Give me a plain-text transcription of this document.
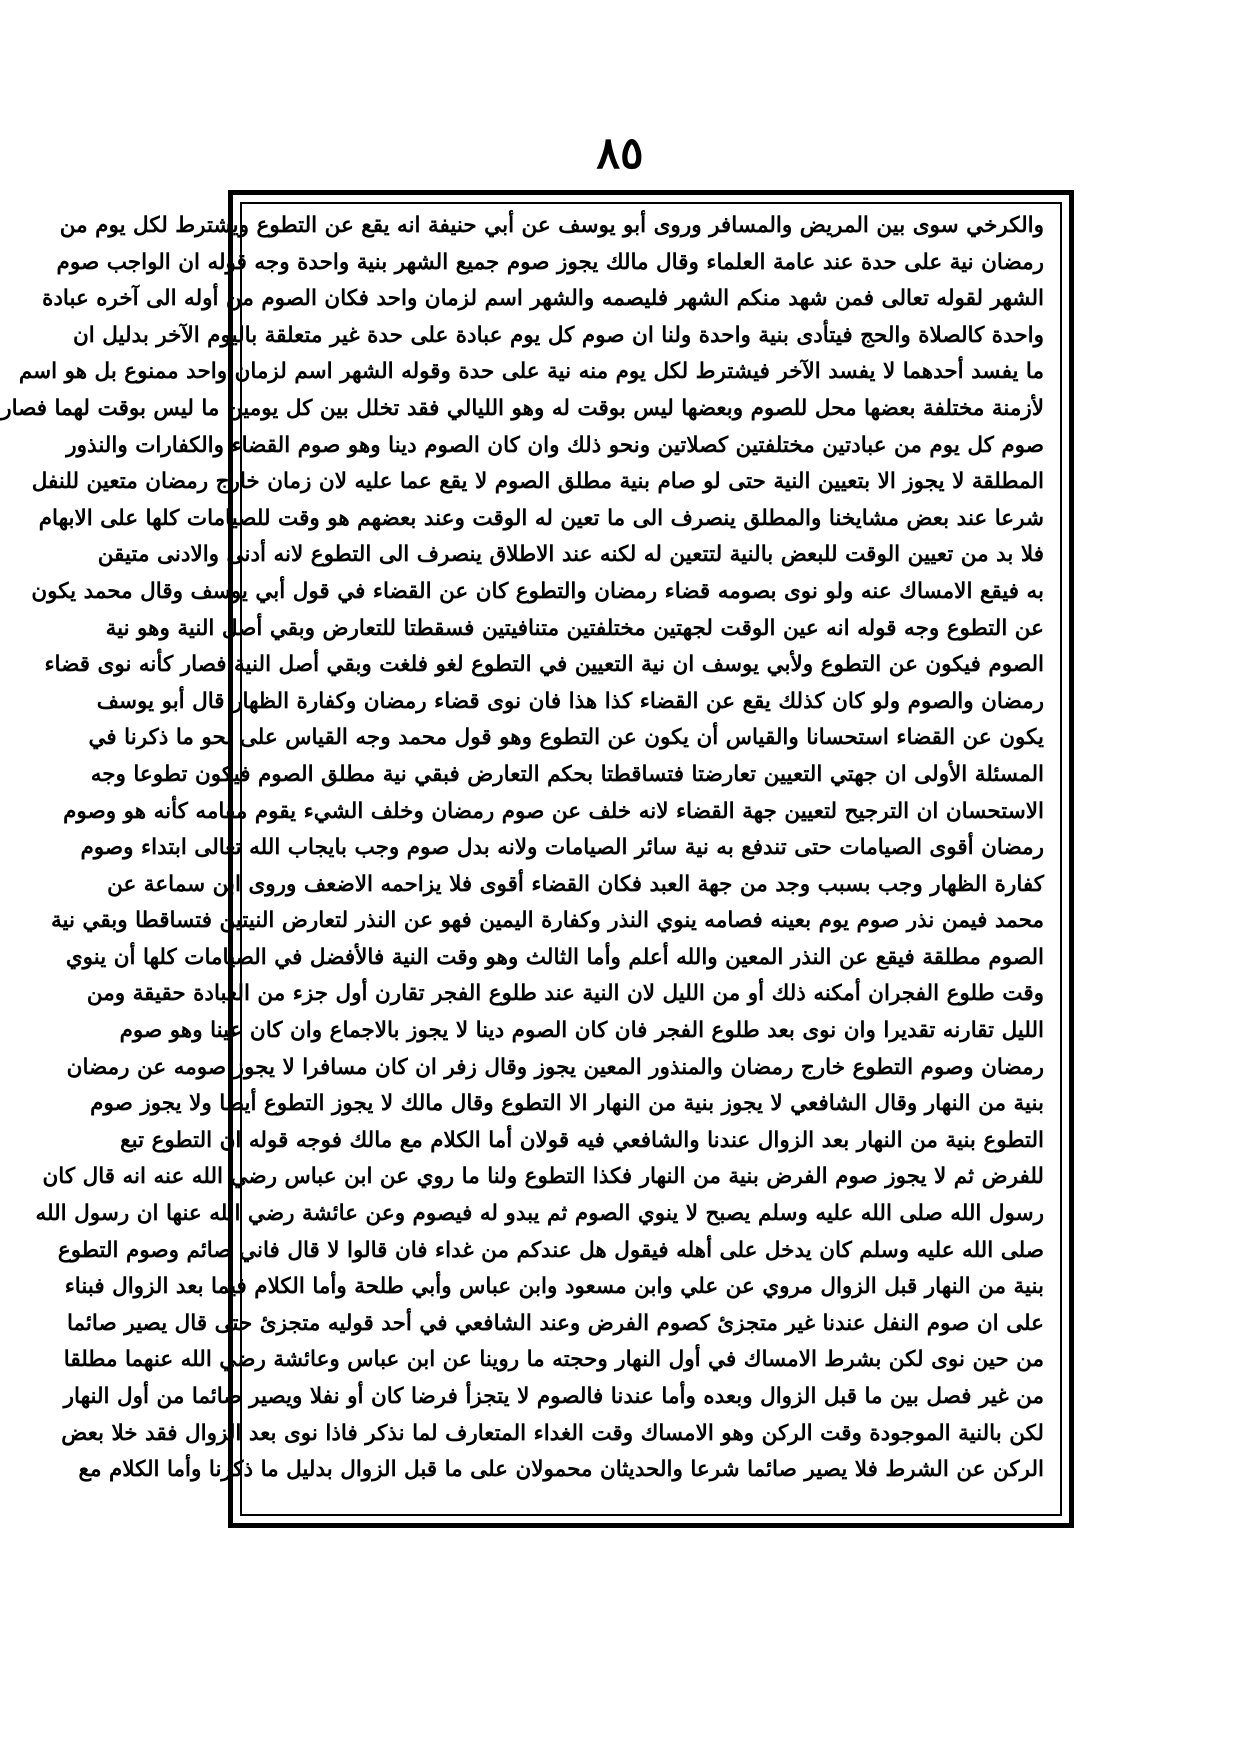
٨٥
والكرخي سوى بين المريض والمسافر وروى أبو يوسف عن أبي حنيفة انه يقع عن التطوع ويشترط لكل يوم من
رمضان نية على حدة عند عامة العلماء وقال مالك يجوز صوم جميع الشهر بنية واحدة وجه قوله ان الواجب صوم
الشهر لقوله تعالى فمن شهد منكم الشهر فليصمه والشهر اسم لزمان واحد فكان الصوم من أوله الى آخره عبادة
واحدة كالصلاة والحج فيتأدى بنية واحدة ولنا ان صوم كل يوم عبادة على حدة غير متعلقة باليوم الآخر بدليل ان
ما يفسد أحدهما لا يفسد الآخر فيشترط لكل يوم منه نية على حدة وقوله الشهر اسم لزمان واحد ممنوع بل هو اسم
لأزمنة مختلفة بعضها محل للصوم وبعضها ليس بوقت له وهو الليالي فقد تخلل بين كل يومين ما ليس بوقت لهما فصار
صوم كل يوم من عبادتين مختلفتين كصلاتين ونحو ذلك وان كان الصوم دينا وهو صوم القضاء والكفارات والنذور
المطلقة لا يجوز الا بتعيين النية حتى لو صام بنية مطلق الصوم لا يقع عما عليه لان زمان خارج رمضان متعين للنفل
شرعا عند بعض مشايخنا والمطلق ينصرف الى ما تعين له الوقت وعند بعضهم هو وقت للصيامات كلها على الابهام
فلا بد من تعيين الوقت للبعض بالنية لتتعين له لكنه عند الاطلاق ينصرف الى التطوع لانه أدنى والادنى متيقن
به فيقع الامساك عنه ولو نوى بصومه قضاء رمضان والتطوع كان عن القضاء في قول أبي يوسف وقال محمد يكون
عن التطوع وجه قوله انه عين الوقت لجهتين مختلفتين متنافيتين فسقطتا للتعارض وبقي أصل النية وهو نية
الصوم فيكون عن التطوع ولأبي يوسف ان نية التعيين في التطوع لغو فلغت وبقي أصل النية فصار كأنه نوى قضاء
رمضان والصوم ولو كان كذلك يقع عن القضاء كذا هذا فان نوى قضاء رمضان وكفارة الظهار قال أبو يوسف
يكون عن القضاء استحسانا والقياس أن يكون عن التطوع وهو قول محمد وجه القياس على نحو ما ذكرنا في
المسئلة الأولى ان جهتي التعيين تعارضتا فتساقطتا بحكم التعارض فبقي نية مطلق الصوم فيكون تطوعا وجه
الاستحسان ان الترجيح لتعيين جهة القضاء لانه خلف عن صوم رمضان وخلف الشيء يقوم مقامه كأنه هو وصوم
رمضان أقوى الصيامات حتى تندفع به نية سائر الصيامات ولانه بدل صوم وجب بايجاب الله تعالى ابتداء وصوم
كفارة الظهار وجب بسبب وجد من جهة العبد فكان القضاء أقوى فلا يزاحمه الاضعف وروى ابن سماعة عن
محمد فيمن نذر صوم يوم بعينه فصامه ينوي النذر وكفارة اليمين فهو عن النذر لتعارض النيتين فتساقطا وبقي نية
الصوم مطلقة فيقع عن النذر المعين والله أعلم وأما الثالث وهو وقت النية فالأفضل في الصيامات كلها أن ينوي
وقت طلوع الفجران أمكنه ذلك أو من الليل لان النية عند طلوع الفجر تقارن أول جزء من العبادة حقيقة ومن
الليل تقارنه تقديرا وان نوى بعد طلوع الفجر فان كان الصوم دينا لا يجوز بالاجماع وان كان عينا وهو صوم
رمضان وصوم التطوع خارج رمضان والمنذور المعين يجوز وقال زفر ان كان مسافرا لا يجوز صومه عن رمضان
بنية من النهار وقال الشافعي لا يجوز بنية من النهار الا التطوع وقال مالك لا يجوز التطوع أيضا ولا يجوز صوم
التطوع بنية من النهار بعد الزوال عندنا والشافعي فيه قولان أما الكلام مع مالك فوجه قوله ان التطوع تبع
للفرض ثم لا يجوز صوم الفرض بنية من النهار فكذا التطوع ولنا ما روي عن ابن عباس رضي الله عنه انه قال كان
رسول الله صلى الله عليه وسلم يصبح لا ينوي الصوم ثم يبدو له فيصوم وعن عائشة رضي الله عنها ان رسول الله
صلى الله عليه وسلم كان يدخل على أهله فيقول هل عندكم من غداء فان قالوا لا قال فاني صائم وصوم التطوع
بنية من النهار قبل الزوال مروي عن علي وابن مسعود وابن عباس وأبي طلحة وأما الكلام فيما بعد الزوال فبناء
على ان صوم النفل عندنا غير متجزئ كصوم الفرض وعند الشافعي في أحد قوليه متجزئ حتى قال يصير صائما
من حين نوى لكن بشرط الامساك في أول النهار وحجته ما روينا عن ابن عباس وعائشة رضي الله عنهما مطلقا
من غير فصل بين ما قبل الزوال وبعده وأما عندنا فالصوم لا يتجزأ فرضا كان أو نفلا ويصير صائما من أول النهار
لكن بالنية الموجودة وقت الركن وهو الامساك وقت الغداء المتعارف لما نذكر فاذا نوى بعد الزوال فقد خلا بعض
الركن عن الشرط فلا يصير صائما شرعا والحديثان محمولان على ما قبل الزوال بدليل ما ذكرنا وأما الكلام مع
